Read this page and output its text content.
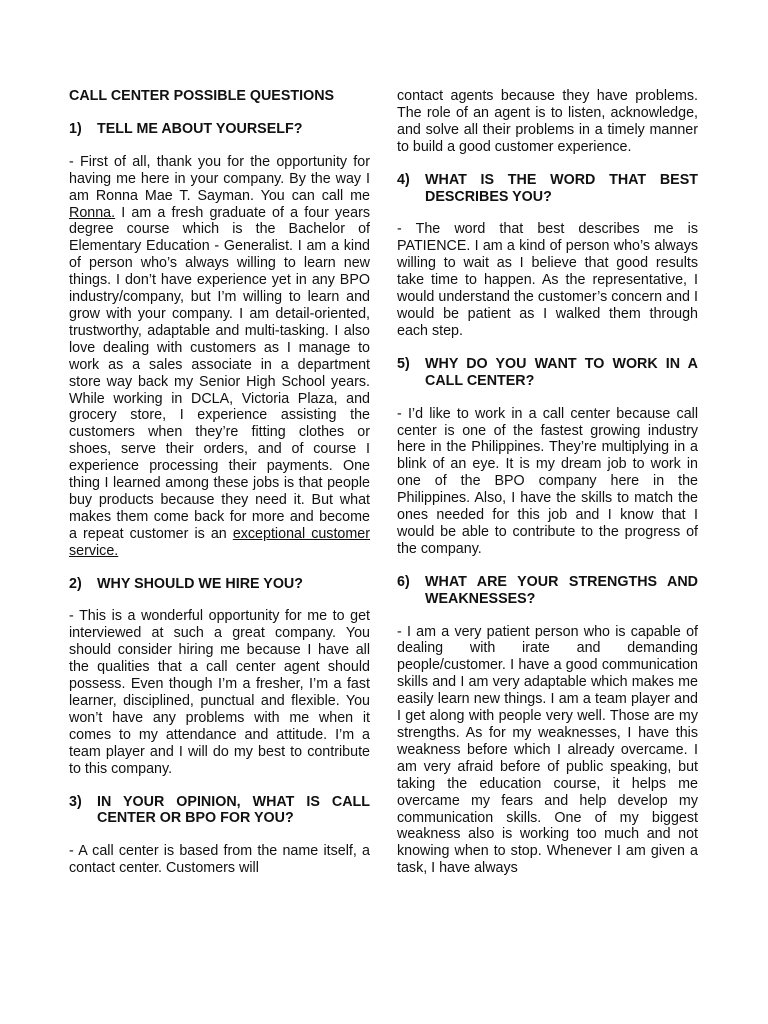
CALL CENTER POSSIBLE QUESTIONS
1)	TELL ME ABOUT YOURSELF?

- First of all, thank you for the opportunity for having me here in your company. By the way I am Ronna Mae T. Sayman. You can call me Ronna. I am a fresh graduate of a four years degree course which is the Bachelor of Elementary Education - Generalist. I am a kind of person who’s always willing to learn new things. I don’t have experience yet in any BPO industry/company, but I’m willing to learn and grow with your company. I am detail-oriented, trustworthy, adaptable and multi-tasking. I also love dealing with customers as I manage to work as a sales associate in a department store way back my Senior High School years. While working in DCLA, Victoria Plaza, and grocery store, I experience assisting the customers when they’re fitting clothes or shoes, serve their orders, and of course I experience processing their payments. One thing I learned among these jobs is that people buy products because they need it. But what makes them come back for more and become a repeat customer is an exceptional customer service.

2)	WHY SHOULD WE HIRE YOU?

- This is a wonderful opportunity for me to get interviewed at such a great company. You should consider hiring me because I have all the qualities that a call center agent should possess. Even though I’m a fresher, I’m a fast learner, disciplined, punctual and flexible. You won’t have any problems with me when it comes to my attendance and attitude. I’m a team player and I will do my best to contribute to this company.

3)	IN YOUR OPINION, WHAT IS CALL CENTER OR BPO FOR YOU?

- A call center is based from the name itself, a contact center. Customers will

contact agents because they have problems. The role of an agent is to listen, acknowledge, and solve all their problems in a timely manner to build a good customer experience.

4)	WHAT IS THE WORD THAT BEST DESCRIBES YOU?

- The word that best describes me is PATIENCE. I am a kind of person who’s always willing to wait as I believe that good results take time to happen. As the representative, I would understand the customer’s concern and I would be patient as I walked them through each step.

5)	WHY DO YOU WANT TO WORK IN A CALL CENTER?

- I’d like to work in a call center because call center is one of the fastest growing industry here in the Philippines. They’re multiplying in a blink of an eye. It is my dream job to work in one of the BPO company here in the Philippines. Also, I have the skills to match the ones needed for this job and I know that I would be able to contribute to the progress of the company.

6)	WHAT ARE YOUR STRENGTHS AND WEAKNESSES?

- I am a very patient person who is capable of dealing with irate and demanding people/customer. I have a good communication skills and I am very adaptable which makes me easily learn new things. I am a team player and I get along with people very well. Those are my strengths. As for my weaknesses, I have this weakness before which I already overcame. I am very afraid before of public speaking, but taking the education course, it helps me overcame my fears and help develop my communication skills. One of my biggest weakness also is working too much and not knowing when to stop. Whenever I am given a task, I have always
